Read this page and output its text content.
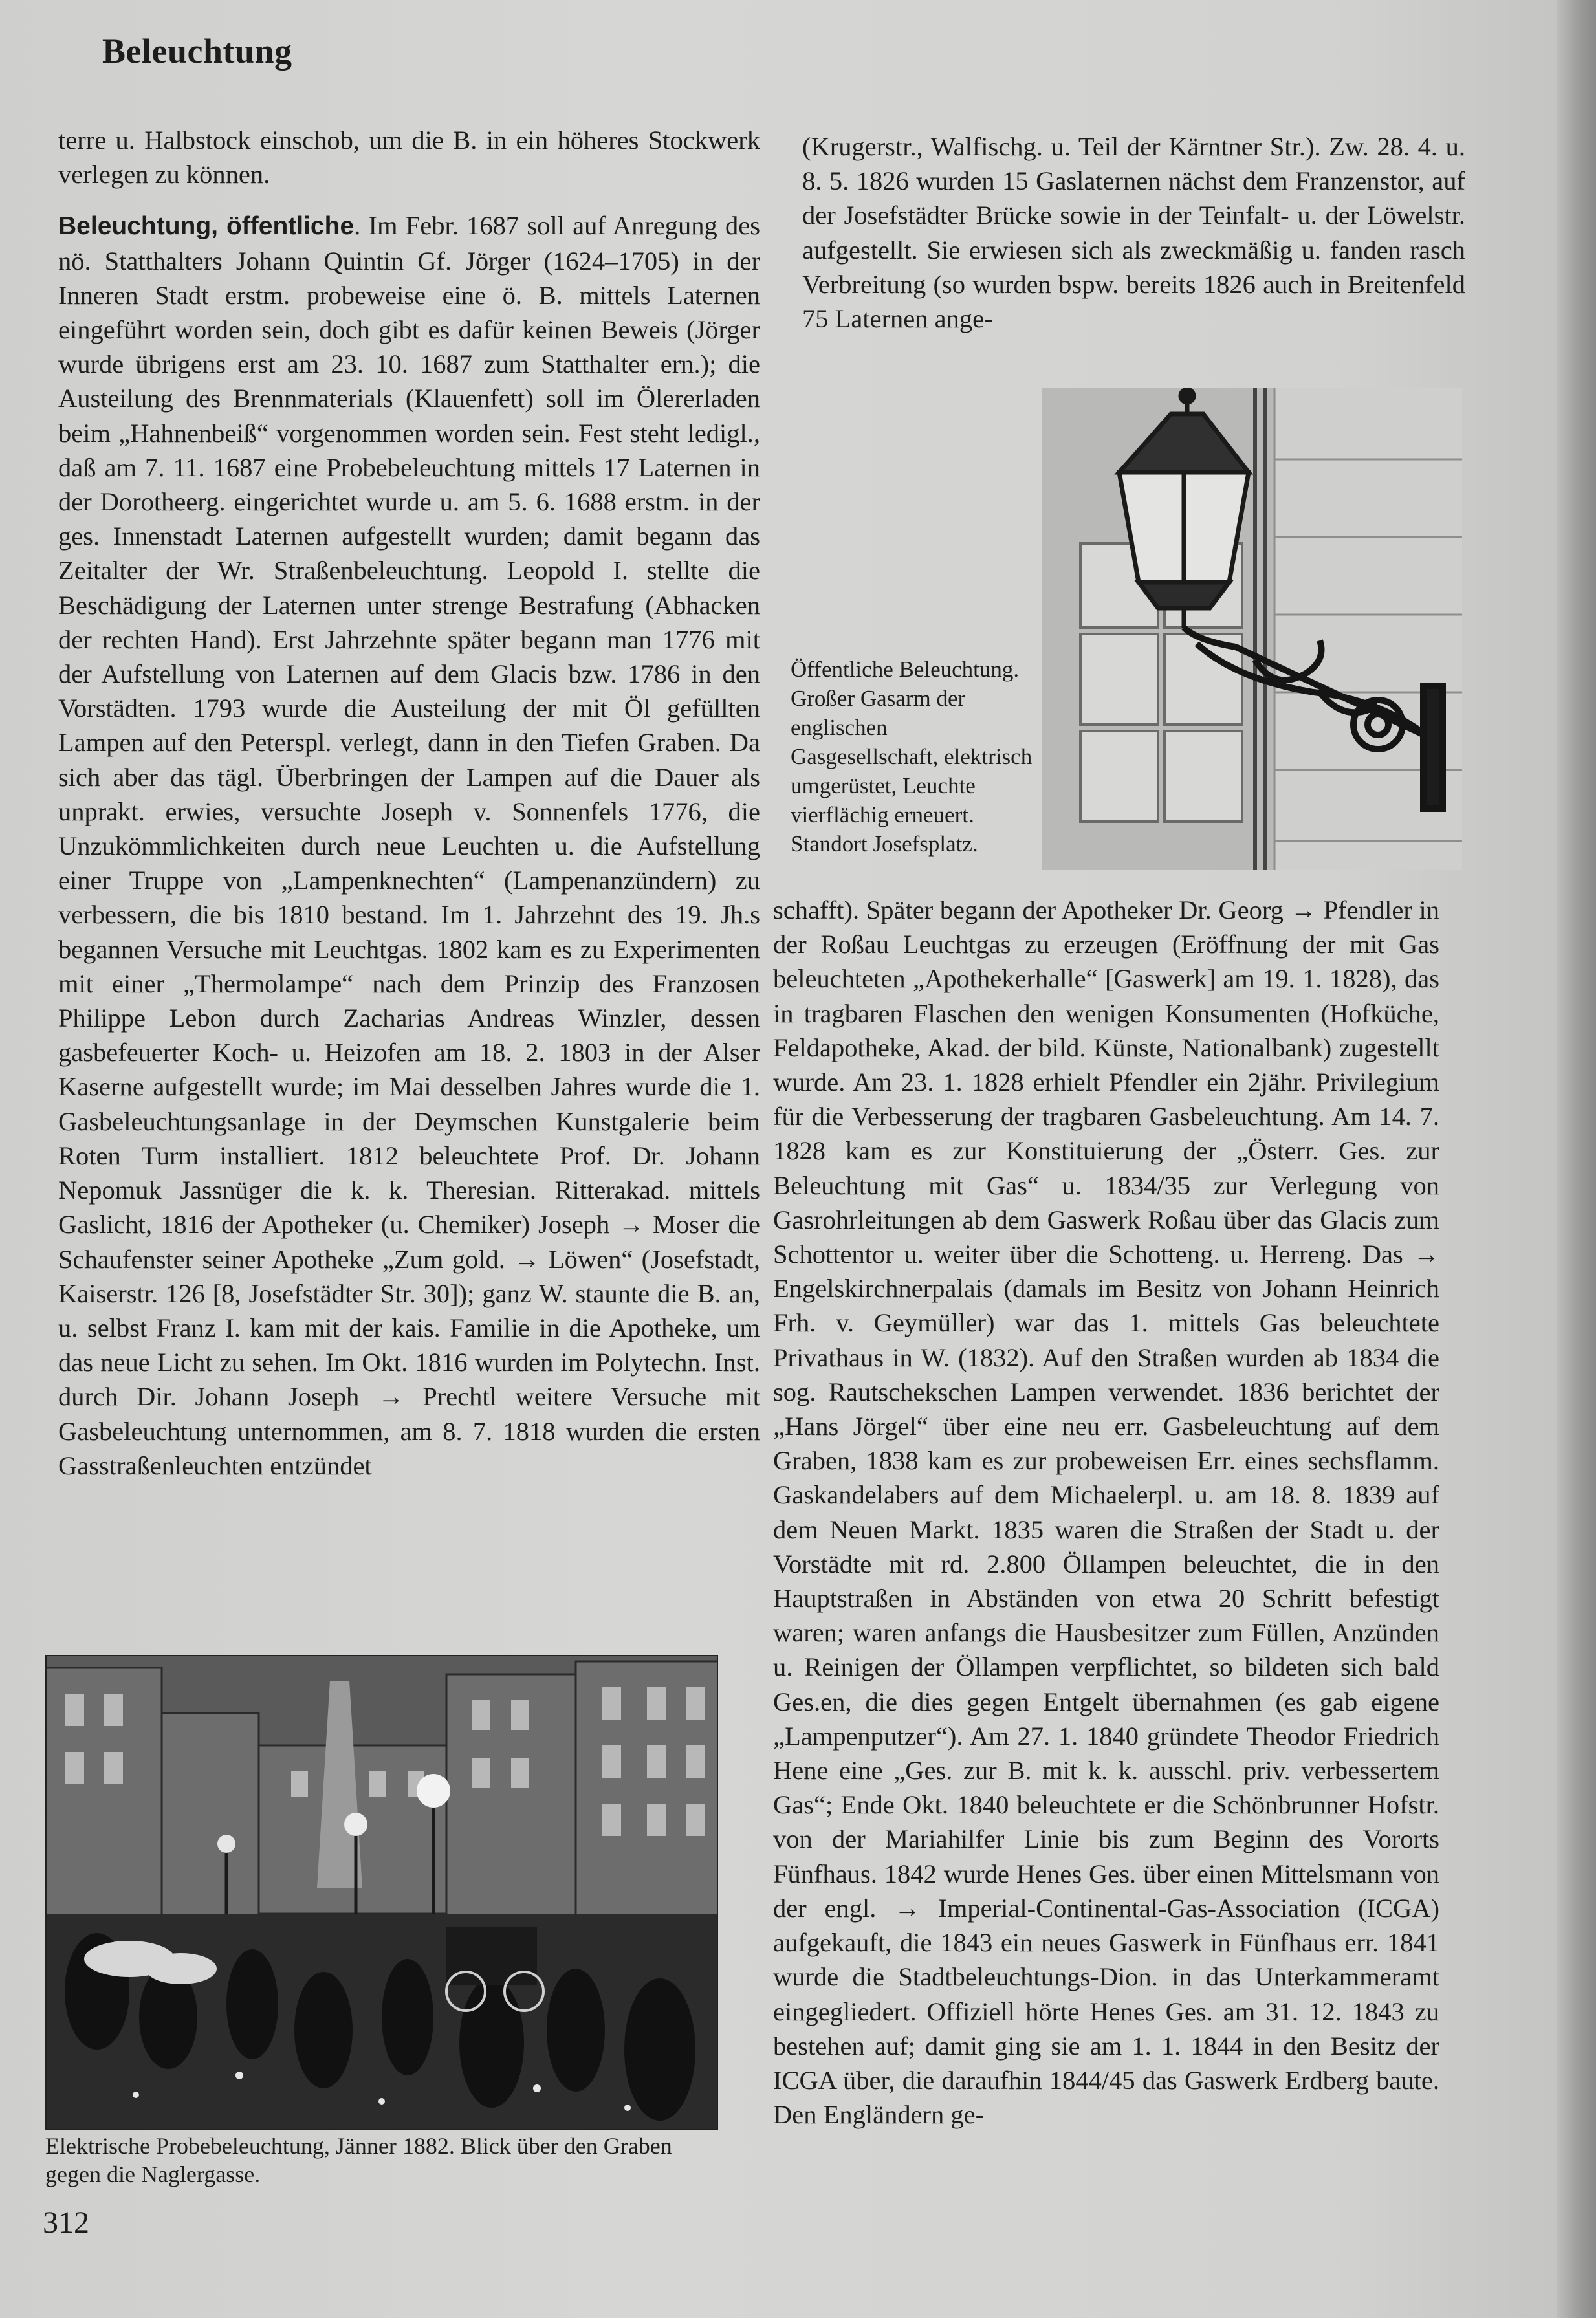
Beleuchtung

terre u. Halbstock einschob, um die B. in ein höheres Stockwerk verlegen zu können.

Beleuchtung, öffentliche. Im Febr. 1687 soll auf Anregung des nö. Statthalters Johann Quintin Gf. Jörger (1624–1705) in der Inneren Stadt erstm. probeweise eine ö. B. mittels Laternen eingeführt worden sein, doch gibt es dafür keinen Beweis (Jörger wurde übrigens erst am 23. 10. 1687 zum Statthalter ern.); die Austeilung des Brennmaterials (Klauenfett) soll im Ölererladen beim „Hahnenbeiß“ vorgenommen worden sein. Fest steht ledigl., daß am 7. 11. 1687 eine Probebeleuchtung mittels 17 Laternen in der Dorotheerg. eingerichtet wurde u. am 5. 6. 1688 erstm. in der ges. Innenstadt Laternen aufgestellt wurden; damit begann das Zeitalter der Wr. Straßenbeleuchtung. Leopold I. stellte die Beschädigung der Laternen unter strenge Bestrafung (Abhacken der rechten Hand). Erst Jahrzehnte später begann man 1776 mit der Aufstellung von Laternen auf dem Glacis bzw. 1786 in den Vorstädten. 1793 wurde die Austeilung der mit Öl gefüllten Lampen auf den Peterspl. verlegt, dann in den Tiefen Graben. Da sich aber das tägl. Überbringen der Lampen auf die Dauer als unprakt. erwies, versuchte Joseph v. Sonnenfels 1776, die Unzukömmlichkeiten durch neue Leuchten u. die Aufstellung einer Truppe von „Lampenknechten“ (Lampenanzündern) zu verbessern, die bis 1810 bestand. Im 1. Jahrzehnt des 19. Jh.s begannen Versuche mit Leuchtgas. 1802 kam es zu Experimenten mit einer „Thermolampe“ nach dem Prinzip des Franzosen Philippe Lebon durch Zacharias Andreas Winzler, dessen gasbefeuerter Koch- u. Heizofen am 18. 2. 1803 in der Alser Kaserne aufgestellt wurde; im Mai desselben Jahres wurde die 1. Gasbeleuchtungsanlage in der Deymschen Kunstgalerie beim Roten Turm installiert. 1812 beleuchtete Prof. Dr. Johann Nepomuk Jassnüger die k. k. Theresian. Ritterakad. mittels Gaslicht, 1816 der Apotheker (u. Chemiker) Joseph → Moser die Schaufenster seiner Apotheke „Zum gold. → Löwen“ (Josefstadt, Kaiserstr. 126 [8, Josefstädter Str. 30]); ganz W. staunte die B. an, u. selbst Franz I. kam mit der kais. Familie in die Apotheke, um das neue Licht zu sehen. Im Okt. 1816 wurden im Polytechn. Inst. durch Dir. Johann Joseph → Prechtl weitere Versuche mit Gasbeleuchtung unternommen, am 8. 7. 1818 wurden die ersten Gasstraßenleuchten entzündet

(Krugerstr., Walfischg. u. Teil der Kärntner Str.). Zw. 28. 4. u. 8. 5. 1826 wurden 15 Gaslaternen nächst dem Franzenstor, auf der Josefstädter Brücke sowie in der Teinfalt- u. der Löwelstr. aufgestellt. Sie erwiesen sich als zweckmäßig u. fanden rasch Verbreitung (so wurden bspw. bereits 1826 auch in Breitenfeld 75 Laternen ange-

Öffentliche Beleuchtung. Großer Gasarm der englischen Gasgesellschaft, elektrisch umgerüstet, Leuchte vierflächig erneuert. Standort Josefsplatz.

schafft). Später begann der Apotheker Dr. Georg → Pfendler in der Roßau Leuchtgas zu erzeugen (Eröffnung der mit Gas beleuchteten „Apothekerhalle“ [Gaswerk] am 19. 1. 1828), das in tragbaren Flaschen den wenigen Konsumenten (Hofküche, Feldapotheke, Akad. der bild. Künste, Nationalbank) zugestellt wurde. Am 23. 1. 1828 erhielt Pfendler ein 2jähr. Privilegium für die Verbesserung der tragbaren Gasbeleuchtung. Am 14. 7. 1828 kam es zur Konstituierung der „Österr. Ges. zur Beleuchtung mit Gas“ u. 1834/35 zur Verlegung von Gasrohrleitungen ab dem Gaswerk Roßau über das Glacis zum Schottentor u. weiter über die Schotteng. u. Herreng. Das → Engelskirchnerpalais (damals im Besitz von Johann Heinrich Frh. v. Geymüller) war das 1. mittels Gas beleuchtete Privathaus in W. (1832). Auf den Straßen wurden ab 1834 die sog. Rautschekschen Lampen verwendet. 1836 berichtet der „Hans Jörgel“ über eine neu err. Gasbeleuchtung auf dem Graben, 1838 kam es zur probeweisen Err. eines sechsflamm. Gaskandelabers auf dem Michaelerpl. u. am 18. 8. 1839 auf dem Neuen Markt. 1835 waren die Straßen der Stadt u. der Vorstädte mit rd. 2.800 Öllampen beleuchtet, die in den Hauptstraßen in Abständen von etwa 20 Schritt befestigt waren; waren anfangs die Hausbesitzer zum Füllen, Anzünden u. Reinigen der Öllampen verpflichtet, so bildeten sich bald Ges.en, die dies gegen Entgelt übernahmen (es gab eigene „Lampenputzer“). Am 27. 1. 1840 gründete Theodor Friedrich Hene eine „Ges. zur B. mit k. k. ausschl. priv. verbessertem Gas“; Ende Okt. 1840 beleuchtete er die Schönbrunner Hofstr. von der Mariahilfer Linie bis zum Beginn des Vororts Fünfhaus. 1842 wurde Henes Ges. über einen Mittelsmann von der engl. → Imperial-Continental-Gas-Association (ICGA) aufgekauft, die 1843 ein neues Gaswerk in Fünfhaus err. 1841 wurde die Stadtbeleuchtungs-Dion. in das Unterkammeramt eingegliedert. Offiziell hörte Henes Ges. am 31. 12. 1843 zu bestehen auf; damit ging sie am 1. 1. 1844 in den Besitz der ICGA über, die daraufhin 1844/45 das Gaswerk Erdberg baute. Den Engländern ge-

Elektrische Probebeleuchtung, Jänner 1882. Blick über den Graben gegen die Naglergasse.
312
